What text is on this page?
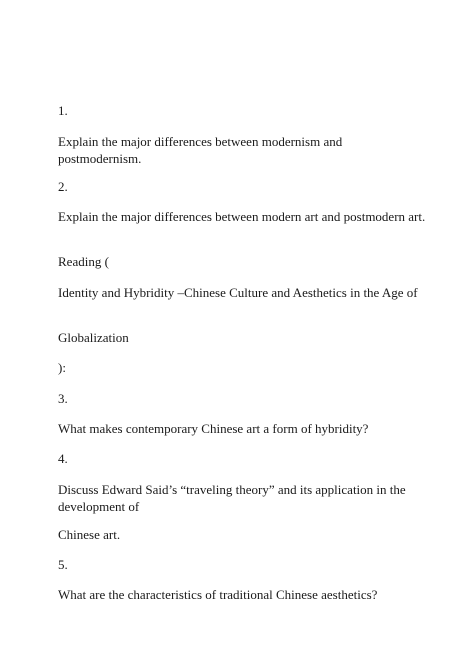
1.
Explain the major differences between modernism and postmodernism.
2.
Explain the major differences between modern art and postmodern art.
Reading (
Identity and Hybridity –Chinese Culture and Aesthetics in the Age of
Globalization
):
3.
What makes contemporary Chinese art a form of hybridity?
4.
Discuss Edward Said’s “traveling theory” and its application in the development of
Chinese art.
5.
What are the characteristics of traditional Chinese aesthetics?
